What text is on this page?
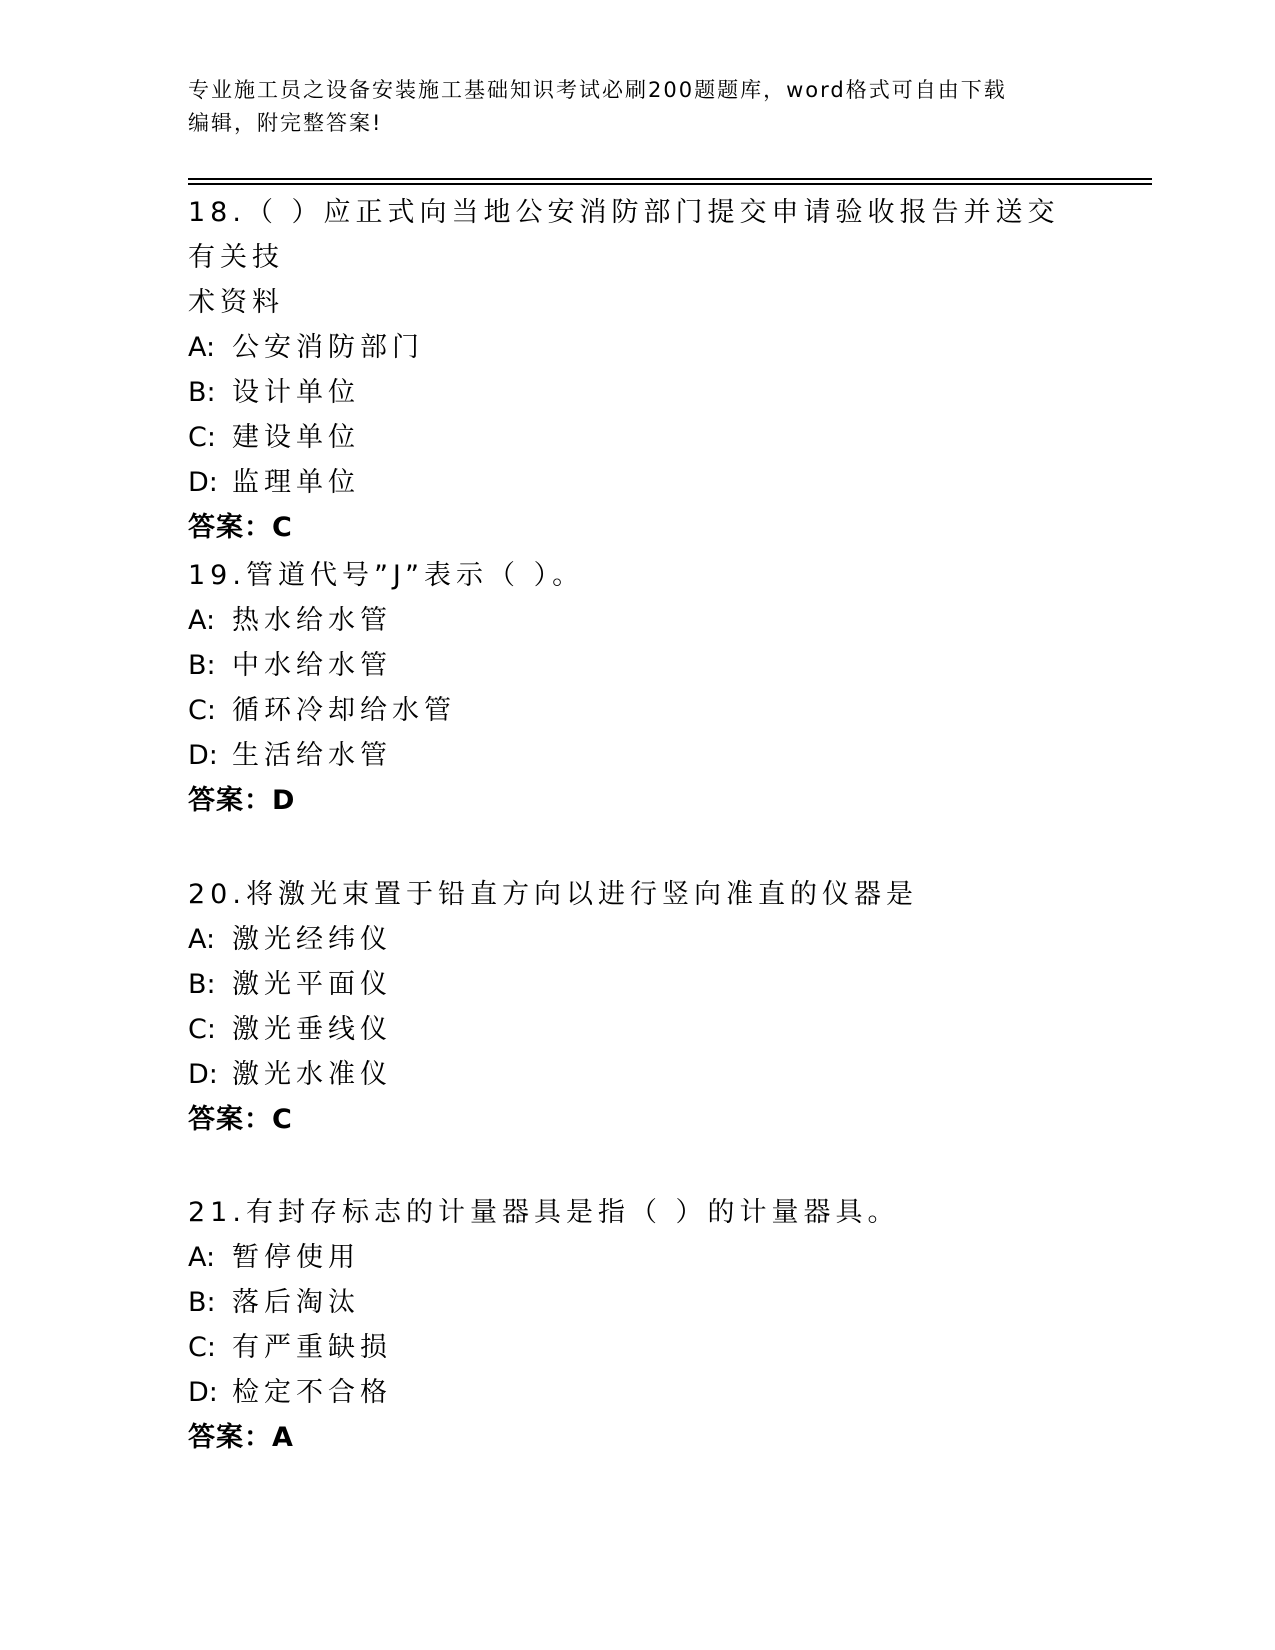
专业施工员之设备安装施工基础知识考试必刷200题题库，word格式可自由下载
编辑，附完整答案!

18.（ ）应正式向当地公安消防部门提交申请验收报告并送交有关技

术资料

A: 公安消防部门

B: 设计单位

C: 建设单位

D: 监理单位

答案：C

19.管道代号”J”表示（ ）。

A: 热水给水管

B: 中水给水管

C: 循环冷却给水管

D: 生活给水管

答案：D

20.将激光束置于铅直方向以进行竖向准直的仪器是

A: 激光经纬仪

B: 激光平面仪

C: 激光垂线仪

D: 激光水准仪

答案：C

21.有封存标志的计量器具是指（ ）的计量器具。

A: 暂停使用

B: 落后淘汰

C: 有严重缺损

D: 检定不合格

答案：A
